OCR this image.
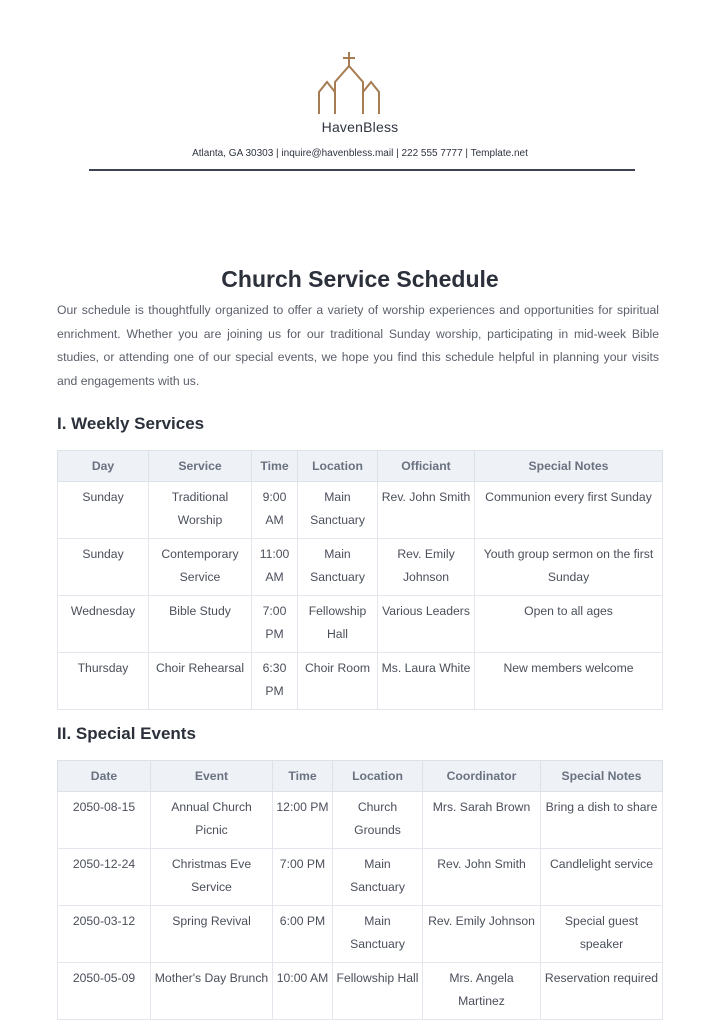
HavenBless
Atlanta, GA 30303 | inquire@havenbless.mail | 222 555 7777 | Template.net
Church Service Schedule
Our schedule is thoughtfully organized to offer a variety of worship experiences and opportunities for spiritual enrichment. Whether you are joining us for our traditional Sunday worship, participating in mid-week Bible studies, or attending one of our special events, we hope you find this schedule helpful in planning your visits and engagements with us.
I. Weekly Services
Day	Service	Time	Location	Officiant	Special Notes
Sunday	Traditional Worship	9:00 AM	Main Sanctuary	Rev. John Smith	Communion every first Sunday
Sunday	Contemporary Service	11:00 AM	Main Sanctuary	Rev. Emily Johnson	Youth group sermon on the first Sunday
Wednesday	Bible Study	7:00 PM	Fellowship Hall	Various Leaders	Open to all ages
Thursday	Choir Rehearsal	6:30 PM	Choir Room	Ms. Laura White	New members welcome
II. Special Events
Date	Event	Time	Location	Coordinator	Special Notes
2050-08-15	Annual Church Picnic	12:00 PM	Church Grounds	Mrs. Sarah Brown	Bring a dish to share
2050-12-24	Christmas Eve Service	7:00 PM	Main Sanctuary	Rev. John Smith	Candlelight service
2050-03-12	Spring Revival	6:00 PM	Main Sanctuary	Rev. Emily Johnson	Special guest speaker
2050-05-09	Mother's Day Brunch	10:00 AM	Fellowship Hall	Mrs. Angela Martinez	Reservation required
